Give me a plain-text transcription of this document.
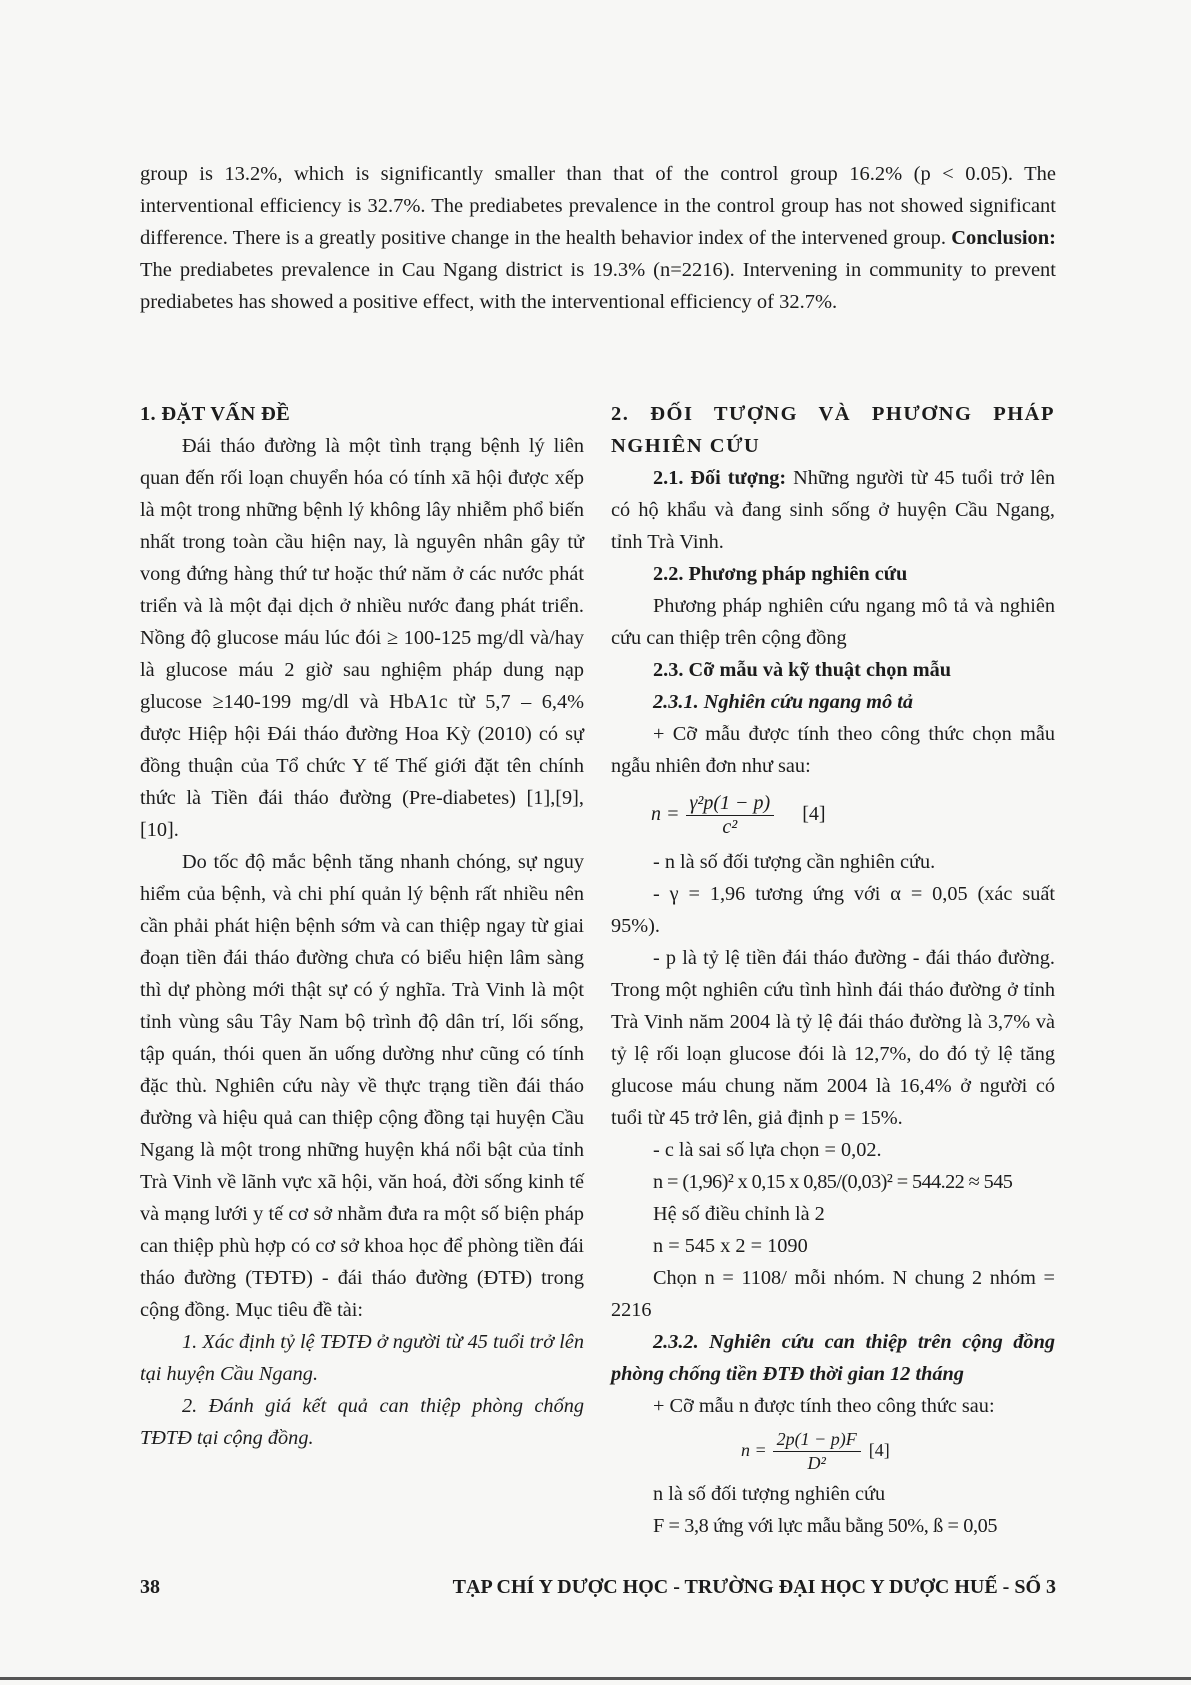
group is 13.2%, which is significantly smaller than that of the control group 16.2% (p < 0.05). The interventional efficiency is 32.7%. The prediabetes prevalence in the control group has not showed significant difference. There is a greatly positive change in the health behavior index of the intervened group. Conclusion: The prediabetes prevalence in Cau Ngang district is 19.3% (n=2216). Intervening in community to prevent prediabetes has showed a positive effect, with the interventional efficiency of 32.7%.

1. ĐẶT VẤN ĐỀ

Đái tháo đường là một tình trạng bệnh lý liên quan đến rối loạn chuyển hóa có tính xã hội được xếp là một trong những bệnh lý không lây nhiễm phổ biến nhất trong toàn cầu hiện nay, là nguyên nhân gây tử vong đứng hàng thứ tư hoặc thứ năm ở các nước phát triển và là một đại dịch ở nhiều nước đang phát triển. Nồng độ glucose máu lúc đói ≥ 100-125 mg/dl và/hay là glucose máu 2 giờ sau nghiệm pháp dung nạp glucose ≥140-199 mg/dl và HbA1c từ 5,7 – 6,4% được Hiệp hội Đái tháo đường Hoa Kỳ (2010) có sự đồng thuận của Tổ chức Y tế Thế giới đặt tên chính thức là Tiền đái tháo đường (Pre-diabetes) [1],[9], [10].

Do tốc độ mắc bệnh tăng nhanh chóng, sự nguy hiểm của bệnh, và chi phí quản lý bệnh rất nhiều nên cần phải phát hiện bệnh sớm và can thiệp ngay từ giai đoạn tiền đái tháo đường chưa có biểu hiện lâm sàng thì dự phòng mới thật sự có ý nghĩa. Trà Vinh là một tỉnh vùng sâu Tây Nam bộ trình độ dân trí, lối sống, tập quán, thói quen ăn uống dường như cũng có tính đặc thù. Nghiên cứu này về thực trạng tiền đái tháo đường và hiệu quả can thiệp cộng đồng tại huyện Cầu Ngang là một trong những huyện khá nổi bật của tỉnh Trà Vinh về lãnh vực xã hội, văn hoá, đời sống kinh tế và mạng lưới y tế cơ sở nhằm đưa ra một số biện pháp can thiệp phù hợp có cơ sở khoa học để phòng tiền đái tháo đường (TĐTĐ) - đái tháo đường (ĐTĐ) trong cộng đồng. Mục tiêu đề tài:

1. Xác định tỷ lệ TĐTĐ ở người từ 45 tuổi trở lên tại huyện Cầu Ngang.

2. Đánh giá kết quả can thiệp phòng chống TĐTĐ tại cộng đồng.

2. ĐỐI TƯỢNG VÀ PHƯƠNG PHÁP NGHIÊN CỨU

2.1. Đối tượng: Những người từ 45 tuổi trở lên có hộ khẩu và đang sinh sống ở huyện Cầu Ngang, tỉnh Trà Vinh.

2.2. Phương pháp nghiên cứu

Phương pháp nghiên cứu ngang mô tả và nghiên cứu can thiệp trên cộng đồng

2.3. Cỡ mẫu và kỹ thuật chọn mẫu

2.3.1. Nghiên cứu ngang mô tả

+ Cỡ mẫu được tính theo công thức chọn mẫu ngẫu nhiên đơn như sau:

$n = \frac{\text{γ²p(1 − p)}}{\text{c²}} [4]$

- n là số đối tượng cần nghiên cứu.

- γ = 1,96 tương ứng với α = 0,05 (xác suất 95%).

- p là tỷ lệ tiền đái tháo đường - đái tháo đường. Trong một nghiên cứu tình hình đái tháo đường ở tỉnh Trà Vinh năm 2004 là tỷ lệ đái tháo đường là 3,7% và tỷ lệ rối loạn glucose đói là 12,7%, do đó tỷ lệ tăng glucose máu chung năm 2004 là 16,4% ở người có tuổi từ 45 trở lên, giả định p = 15%.

- c là sai số lựa chọn = 0,02.

n = (1,96)² x 0,15 x 0,85/(0,03)² = 544.22 ≈ 545

Hệ số điều chỉnh là 2

n = 545 x 2 = 1090

Chọn n = 1108/ mỗi nhóm. N chung 2 nhóm = 2216

2.3.2. Nghiên cứu can thiệp trên cộng đồng phòng chống tiền ĐTĐ thời gian 12 tháng

+ Cỡ mẫu n được tính theo công thức sau:

$n = \frac{2p(1 - p)F}{\text{D²}} [4]$

n là số đối tượng nghiên cứu

F = 3,8 ứng với lực mẫu bằng 50%, ß = 0,05

38	TẠP CHÍ Y DƯỢC HỌC - TRƯỜNG ĐẠI HỌC Y DƯỢC HUẾ - SỐ 3
